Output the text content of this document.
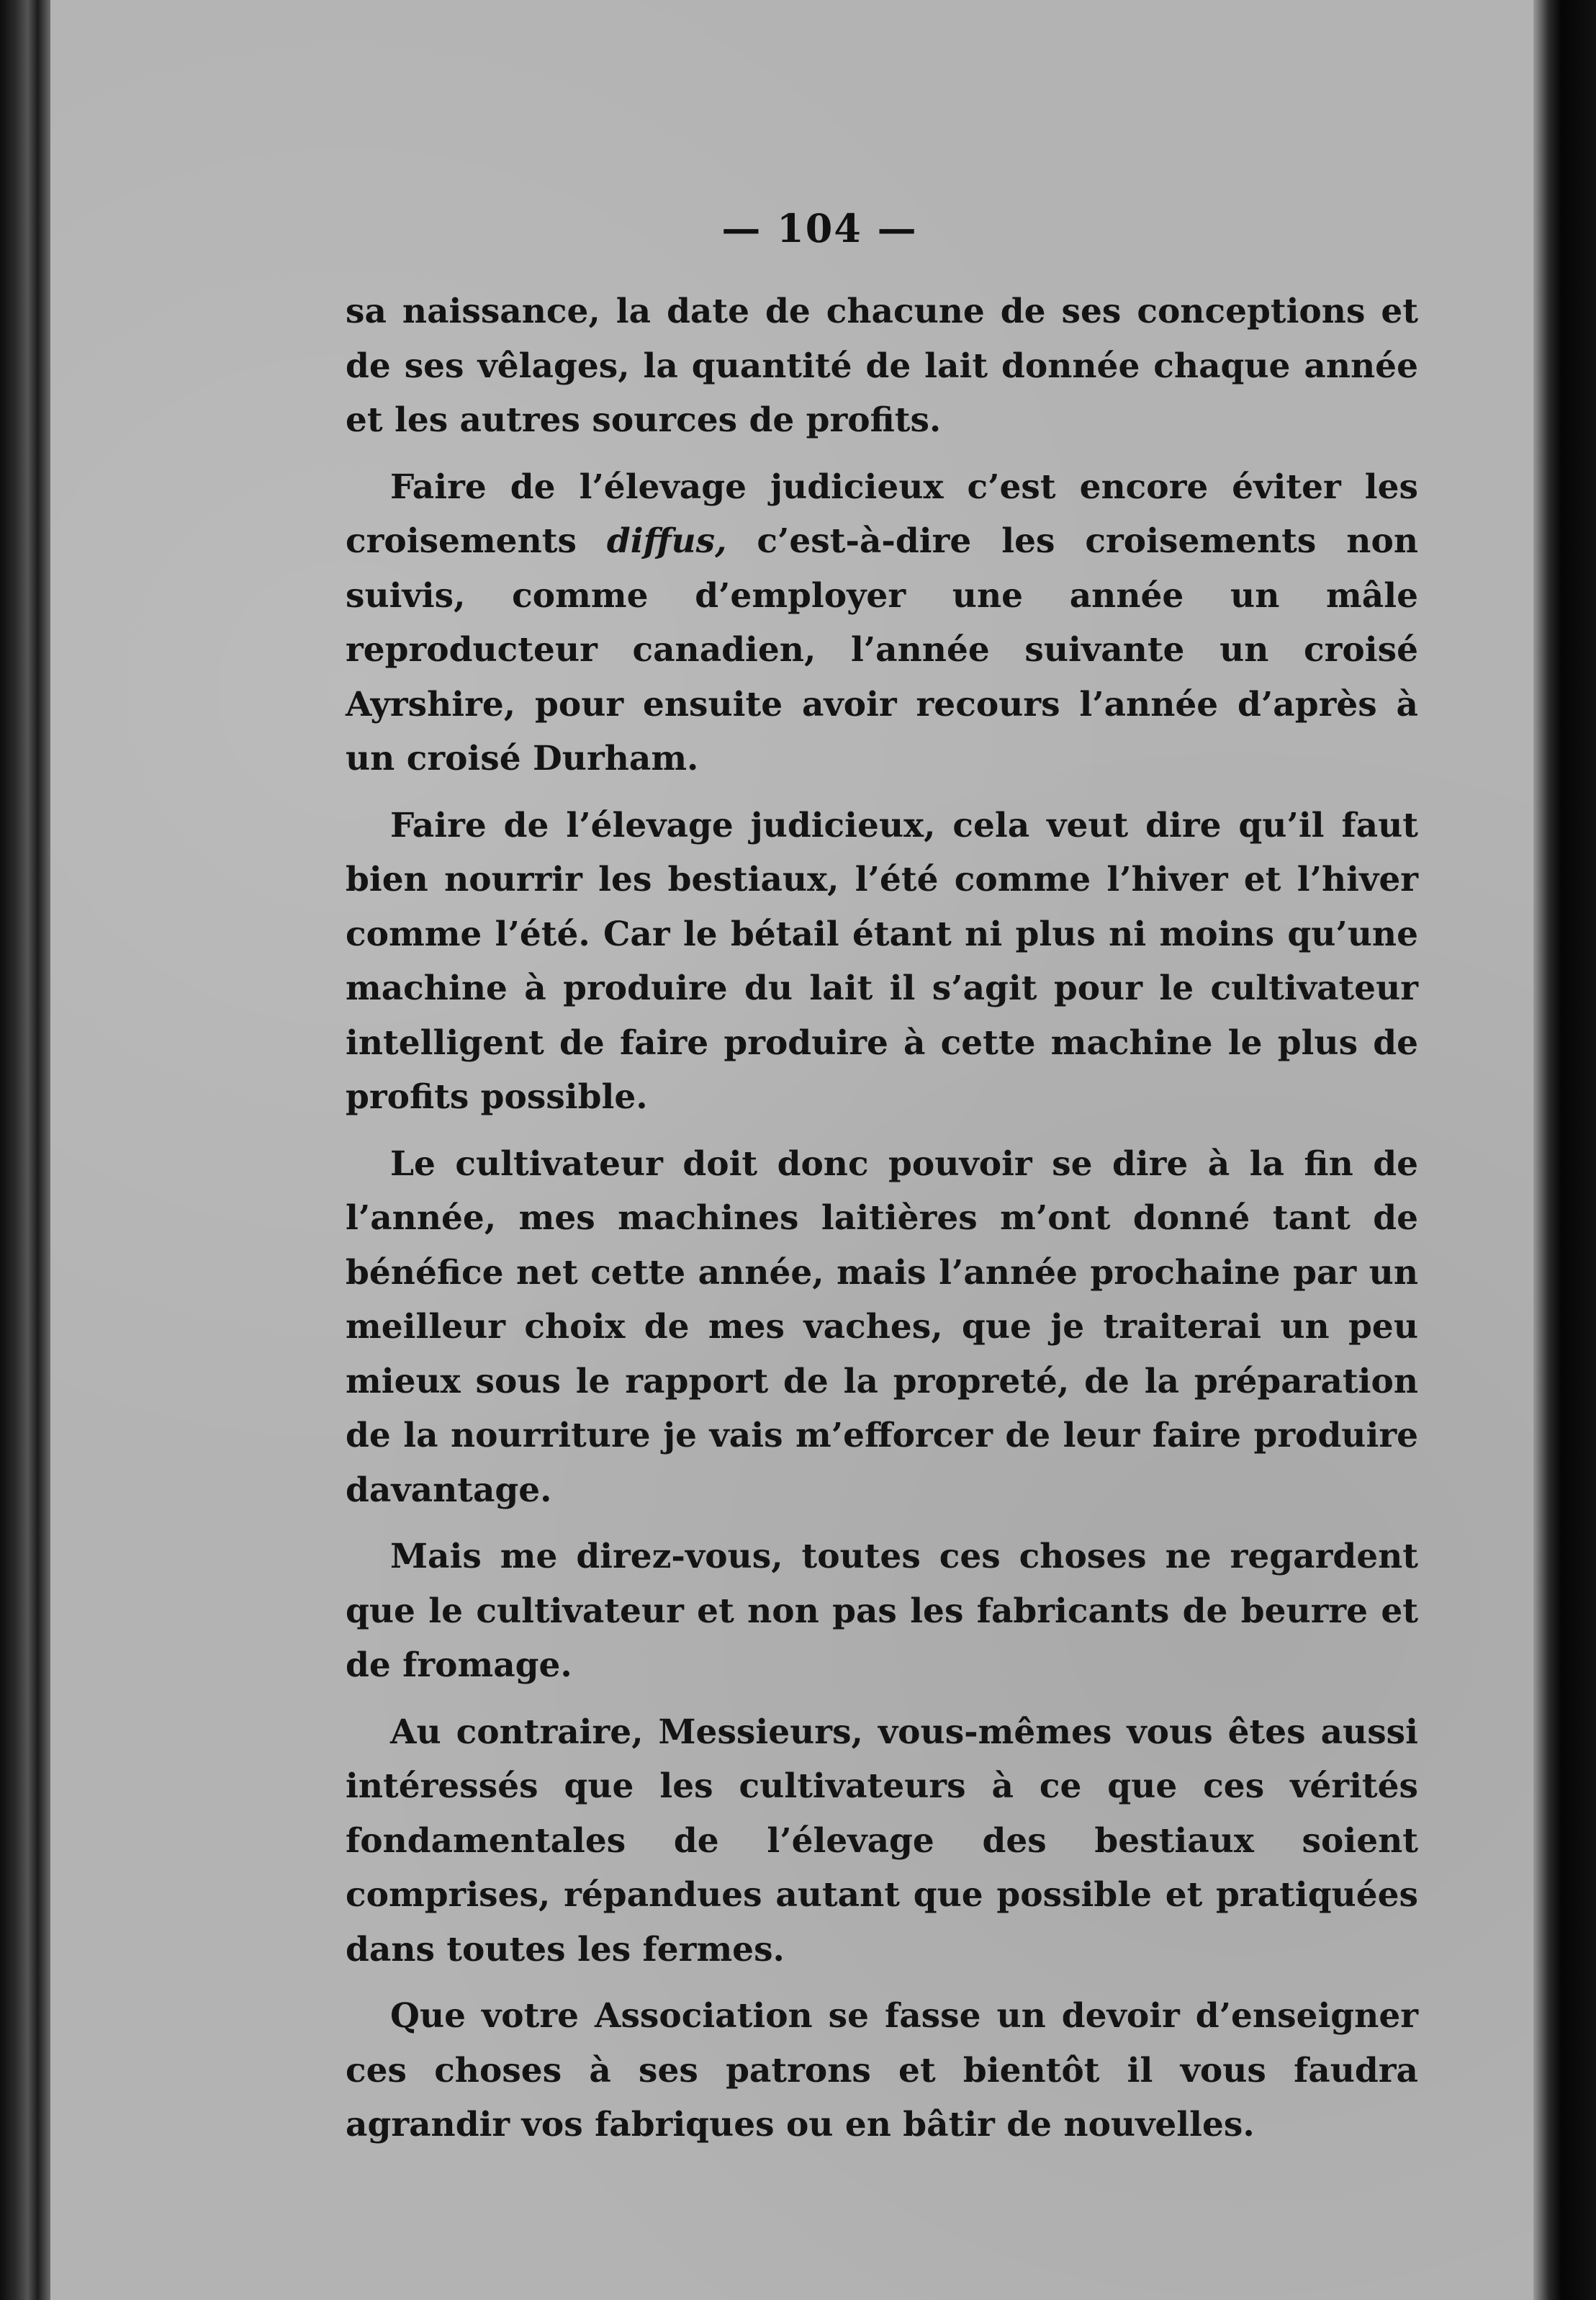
— 104 —

sa naissance, la date de chacune de ses conceptions et de ses vêlages, la quantité de lait donnée chaque année et les autres sources de profits.

Faire de l’élevage judicieux c’est encore éviter les croisements diffus, c’est-à-dire les croisements non suivis, comme d’employer une année un mâle reproducteur canadien, l’année suivante un croisé Ayrshire, pour ensuite avoir recours l’année d’après à un croisé Durham.

Faire de l’élevage judicieux, cela veut dire qu’il faut bien nourrir les bestiaux, l’été comme l’hiver et l’hiver comme l’été. Car le bétail étant ni plus ni moins qu’une machine à produire du lait il s’agit pour le cultivateur intelligent de faire produire à cette machine le plus de profits possible.

Le cultivateur doit donc pouvoir se dire à la fin de l’année, mes machines laitières m’ont donné tant de bénéfice net cette année, mais l’année prochaine par un meilleur choix de mes vaches, que je traiterai un peu mieux sous le rapport de la propreté, de la préparation de la nourriture je vais m’efforcer de leur faire produire davantage.

Mais me direz-vous, toutes ces choses ne regardent que le cultivateur et non pas les fabricants de beurre et de fromage.

Au contraire, Messieurs, vous-mêmes vous êtes aussi intéressés que les cultivateurs à ce que ces vérités fondamentales de l’élevage des bestiaux soient comprises, répandues autant que possible et pratiquées dans toutes les fermes.

Que votre Association se fasse un devoir d’enseigner ces choses à ses patrons et bientôt il vous faudra agrandir vos fabriques ou en bâtir de nouvelles.
